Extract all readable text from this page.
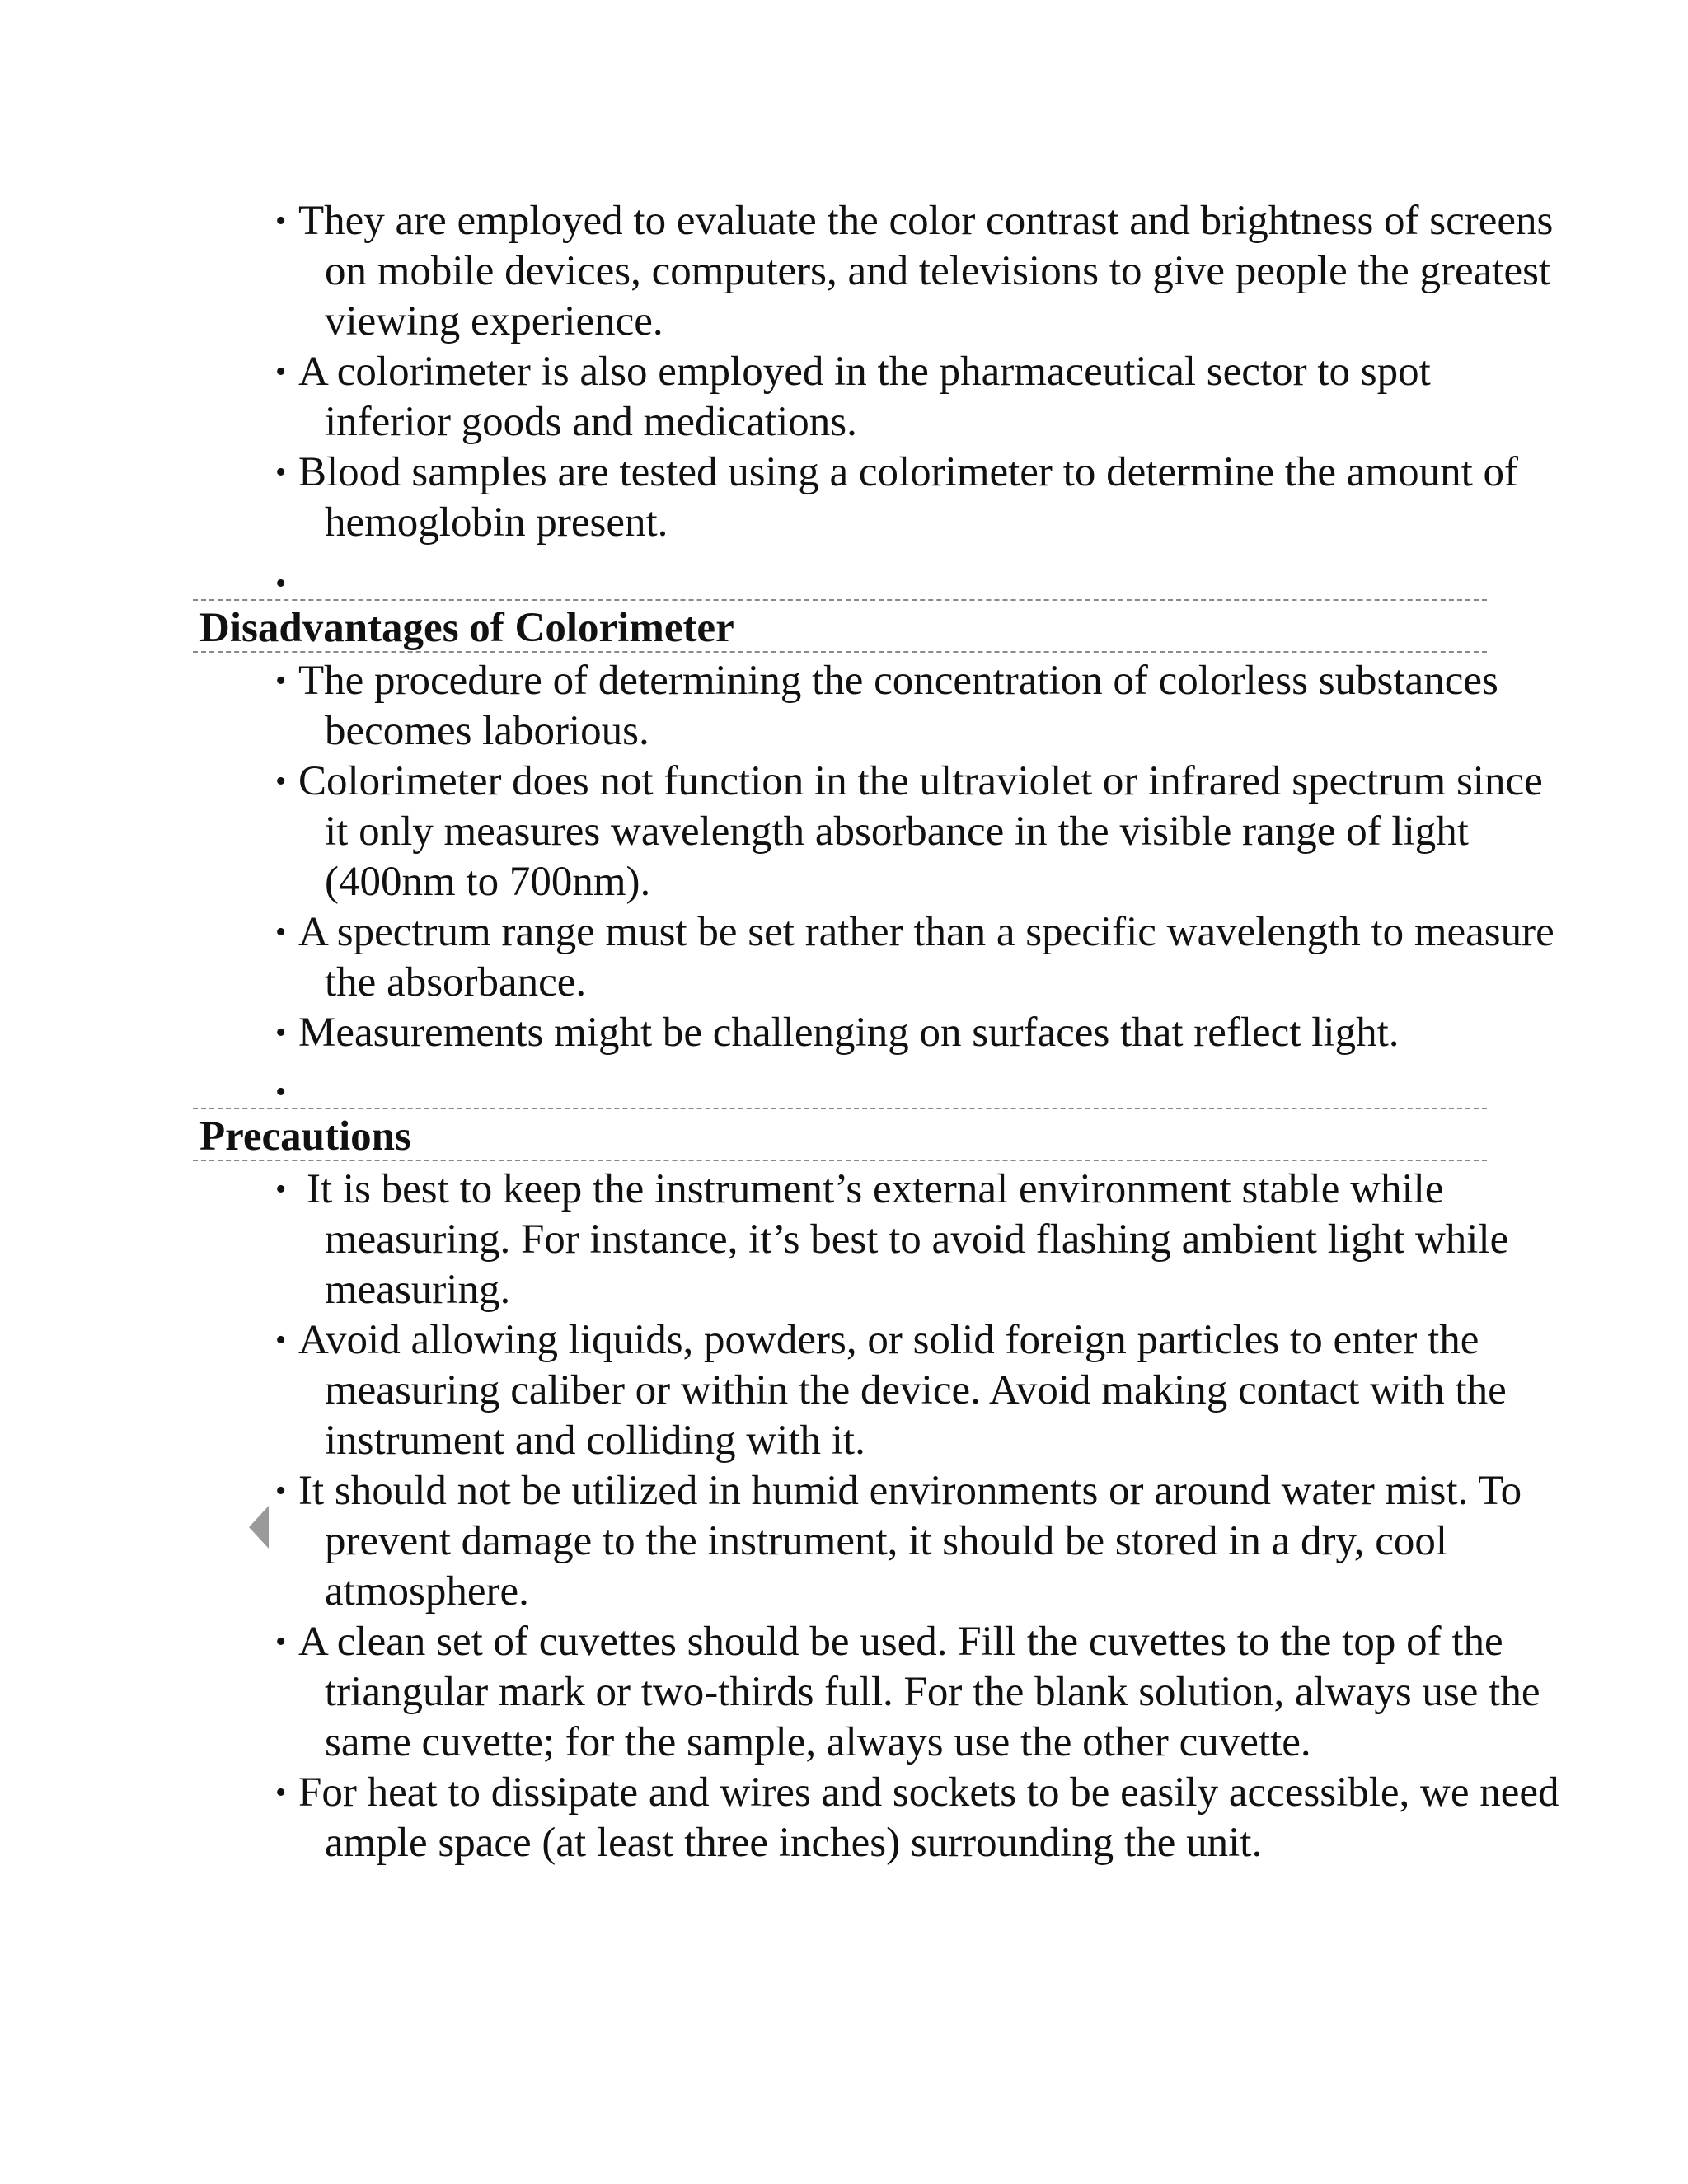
• They are employed to evaluate the color contrast and brightness of screens on mobile devices, computers, and televisions to give people the greatest viewing experience.
• A colorimeter is also employed in the pharmaceutical sector to spot inferior goods and medications.
• Blood samples are tested using a colorimeter to determine the amount of hemoglobin present.
•
Disadvantages of Colorimeter
• The procedure of determining the concentration of colorless substances becomes laborious.
• Colorimeter does not function in the ultraviolet or infrared spectrum since it only measures wavelength absorbance in the visible range of light (400nm to 700nm).
• A spectrum range must be set rather than a specific wavelength to measure the absorbance.
• Measurements might be challenging on surfaces that reflect light.
•
Precautions
• It is best to keep the instrument’s external environment stable while measuring. For instance, it’s best to avoid flashing ambient light while measuring.
• Avoid allowing liquids, powders, or solid foreign particles to enter the measuring caliber or within the device. Avoid making contact with the instrument and colliding with it.
• It should not be utilized in humid environments or around water mist. To prevent damage to the instrument, it should be stored in a dry, cool atmosphere.
• A clean set of cuvettes should be used. Fill the cuvettes to the top of the triangular mark or two-thirds full. For the blank solution, always use the same cuvette; for the sample, always use the other cuvette.
• For heat to dissipate and wires and sockets to be easily accessible, we need ample space (at least three inches) surrounding the unit.
